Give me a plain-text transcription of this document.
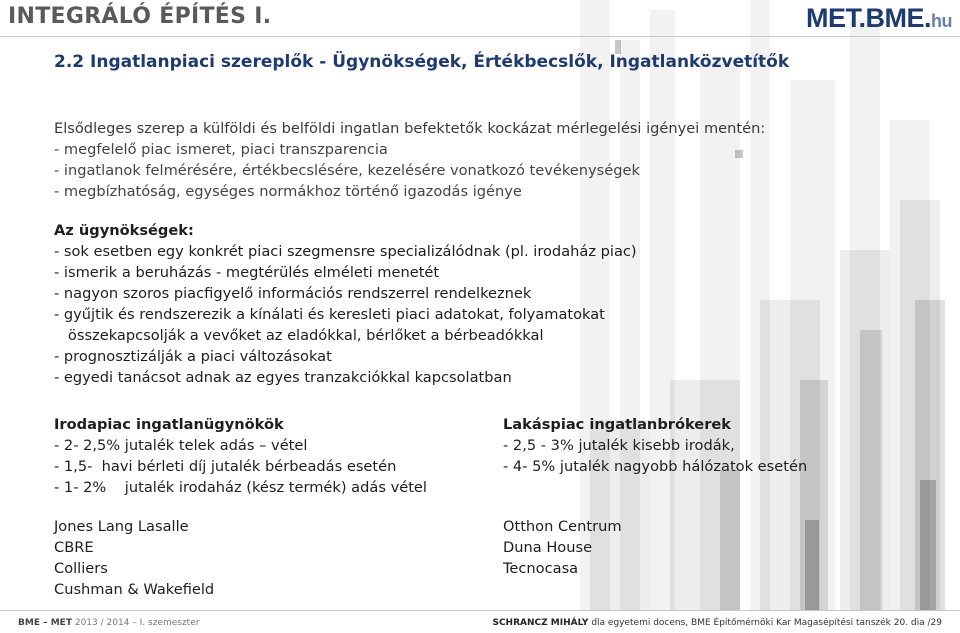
INTEGRÁLÓ ÉPÍTÉS I.	MET.BME.hu
2.2 Ingatlanpiaci szereplők - Ügynökségek, Értékbecslők, Ingatlanközvetítők
Elsődleges szerep a külföldi és belföldi ingatlan befektetők kockázat mérlegelési igényei mentén:
- megfelelő piac ismeret, piaci transzparencia
- ingatlanok felmérésére, értékbecslésére, kezelésére vonatkozó tevékenységek
- megbízhatóság, egységes normákhoz történő igazodás igénye
Az ügynökségek:
- sok esetben egy konkrét piaci szegmensre specializálódnak (pl. irodaház piac)
- ismerik a beruházás - megtérülés elméleti menetét
- nagyon szoros piacfigyelő információs rendszerrel rendelkeznek
- gyűjtik és rendszerezik a kínálati és keresleti piaci adatokat, folyamatokat
összekapcsolják a vevőket az eladókkal, bérlőket a bérbeadókkal
- prognosztizálják a piaci változásokat
- egyedi tanácsot adnak az egyes tranzakciókkal kapcsolatban
Irodapiac ingatlanügynökök
- 2- 2,5% jutalék telek adás – vétel
- 1,5-  havi bérleti díj jutalék bérbeadás esetén
- 1- 2%    jutalék irodaház (kész termék) adás vétel
Lakáspiac ingatlanbrókerek
- 2,5 - 3% jutalék kisebb irodák,
- 4- 5% jutalék nagyobb hálózatok esetén
Jones Lang Lasalle
CBRE
Colliers
Cushman & Wakefield
Otthon Centrum
Duna House
Tecnocasa
BME – MET 2013 / 2014 – I. szemeszter	SCHRANCZ MIHÁLY dla egyetemi docens, BME Építőmérnöki Kar Magasépítési tanszék 20. dia /29
